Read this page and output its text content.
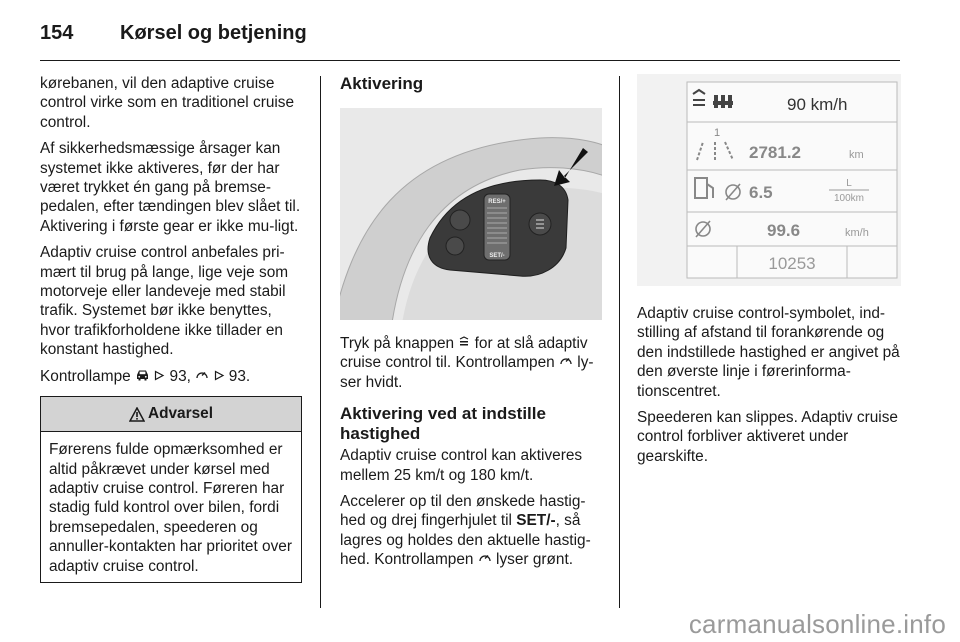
154	Kørsel og betjening

kørebanen, vil den adaptive cruise control virke som en traditionel cruise control.

Af sikkerhedsmæssige årsager kan systemet ikke aktiveres, før der har været trykket én gang på bremse-pedalen, efter tændingen blev slået til. Aktivering i første gear er ikke mu-ligt.

Adaptiv cruise control anbefales pri-mært til brug på lange, lige veje som motorveje eller landeveje med stabil trafik. Systemet bør ikke benyttes, hvor trafikforholdene ikke tillader en konstant hastighed.

Kontrollampe	93, 93.

Advarsel
Førerens fulde opmærksomhed er altid påkrævet under kørsel med adaptiv cruise control. Føreren har stadig fuld kontrol over bilen, fordi bremsepedalen, speederen og annuller-kontakten har prioritet over adaptiv cruise control.
Aktivering
RES/+
SET/-

Tryk på knappen for at slå adaptiv cruise control til. Kontrollampen ly-ser hvidt.

Aktivering ved at indstille hastighed

Adaptiv cruise control kan aktiveres mellem 25 km/t og 180 km/t.

Accelerer op til den ønskede hastig-hed og drej fingerhjulet til SET/-, så lagres og holdes den aktuelle hastig-hed. Kontrollampen lyser grønt.

90 km/h
1
2781.2	km
6.5	L
100km
99.6	km/h
10253

Adaptiv cruise control-symbolet, ind-stilling af afstand til forankørende og den indstillede hastighed er angivet på den øverste linje i førerinforma-tionscentret.

Speederen kan slippes. Adaptiv cruise control forbliver aktiveret under gearskifte.

carmanualsonline.info
